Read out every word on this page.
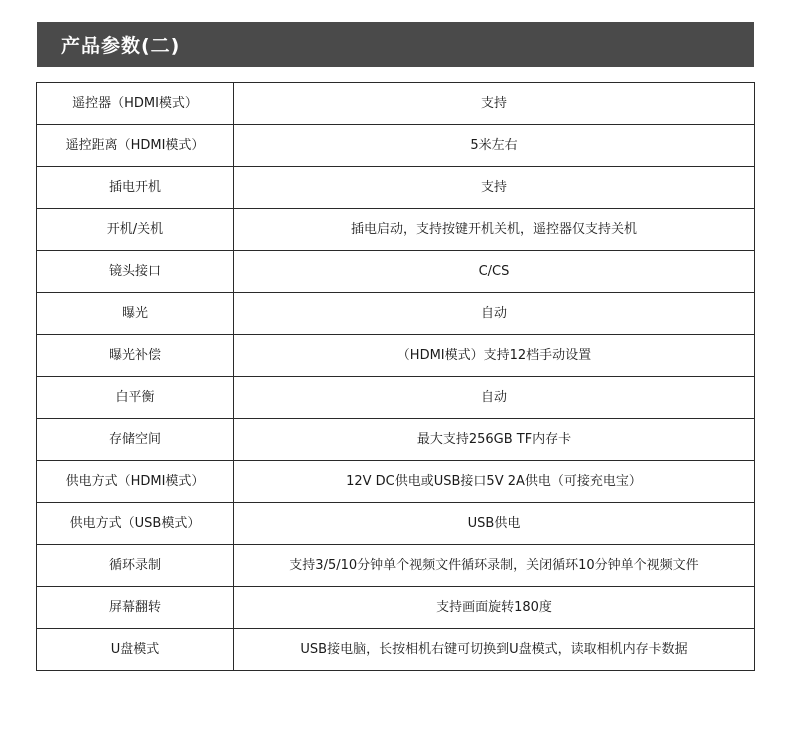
产品参数(二)
遥控器（HDMI模式）	支持
遥控距离（HDMI模式）	5米左右
插电开机	支持
开机/关机	插电启动，支持按键开机关机，遥控器仅支持关机
镜头接口	C/CS
曝光	自动
曝光补偿	（HDMI模式）支持12档手动设置
白平衡	自动
存储空间	最大支持256GB TF内存卡
供电方式（HDMI模式）	12V DC供电或USB接口5V 2A供电（可接充电宝）
供电方式（USB模式）	USB供电
循环录制	支持3/5/10分钟单个视频文件循环录制，关闭循环10分钟单个视频文件
屏幕翻转	支持画面旋转180度
U盘模式	USB接电脑，长按相机右键可切换到U盘模式，读取相机内存卡数据
